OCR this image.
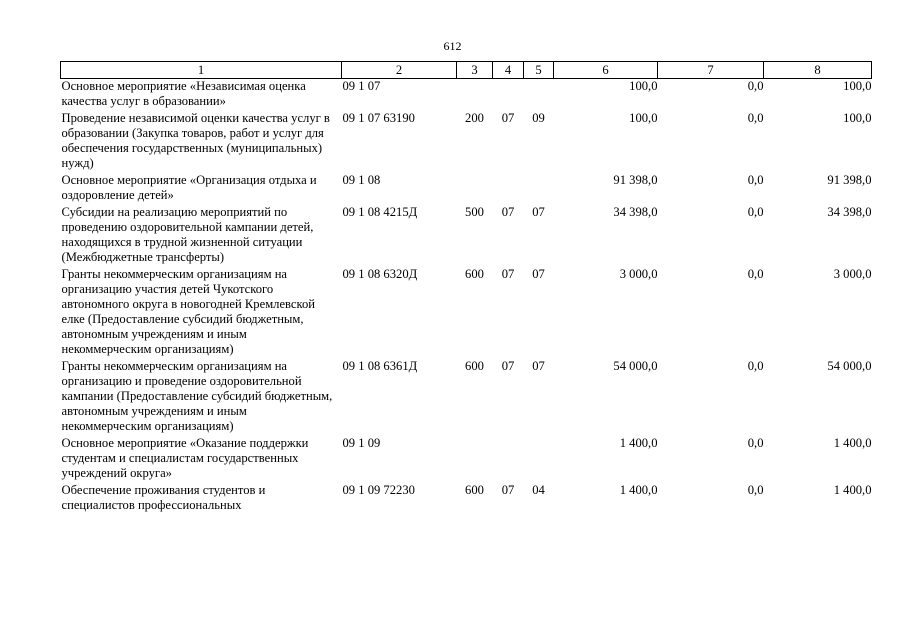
612
1	2	3	4	5	6	7	8
Основное мероприятие «Независимая оценка качества услуг в образовании»	09 1 07				100,0	0,0	100,0
Проведение независимой оценки качества услуг в образовании (Закупка товаров, работ и услуг для обеспечения государственных (муниципальных) нужд)	09 1 07 63190	200	07	09	100,0	0,0	100,0
Основное мероприятие «Организация отдыха и оздоровление детей»	09 1 08				91 398,0	0,0	91 398,0
Субсидии на реализацию мероприятий по проведению оздоровительной кампании детей, находящихся в трудной жизненной ситуации (Межбюджетные трансферты)	09 1 08 4215Д	500	07	07	34 398,0	0,0	34 398,0
Гранты некоммерческим организациям на организацию участия детей Чукотского автономного округа в новогодней Кремлевской елке (Предоставление субсидий бюджетным, автономным учреждениям и иным некоммерческим организациям)	09 1 08 6320Д	600	07	07	3 000,0	0,0	3 000,0
Гранты некоммерческим организациям на организацию и проведение оздоровительной кампании (Предоставление субсидий бюджетным, автономным учреждениям и иным некоммерческим организациям)	09 1 08 6361Д	600	07	07	54 000,0	0,0	54 000,0
Основное мероприятие «Оказание поддержки студентам и специалистам государственных учреждений округа»	09 1 09				1 400,0	0,0	1 400,0
Обеспечение проживания студентов и специалистов профессиональных	09 1 09 72230	600	07	04	1 400,0	0,0	1 400,0
